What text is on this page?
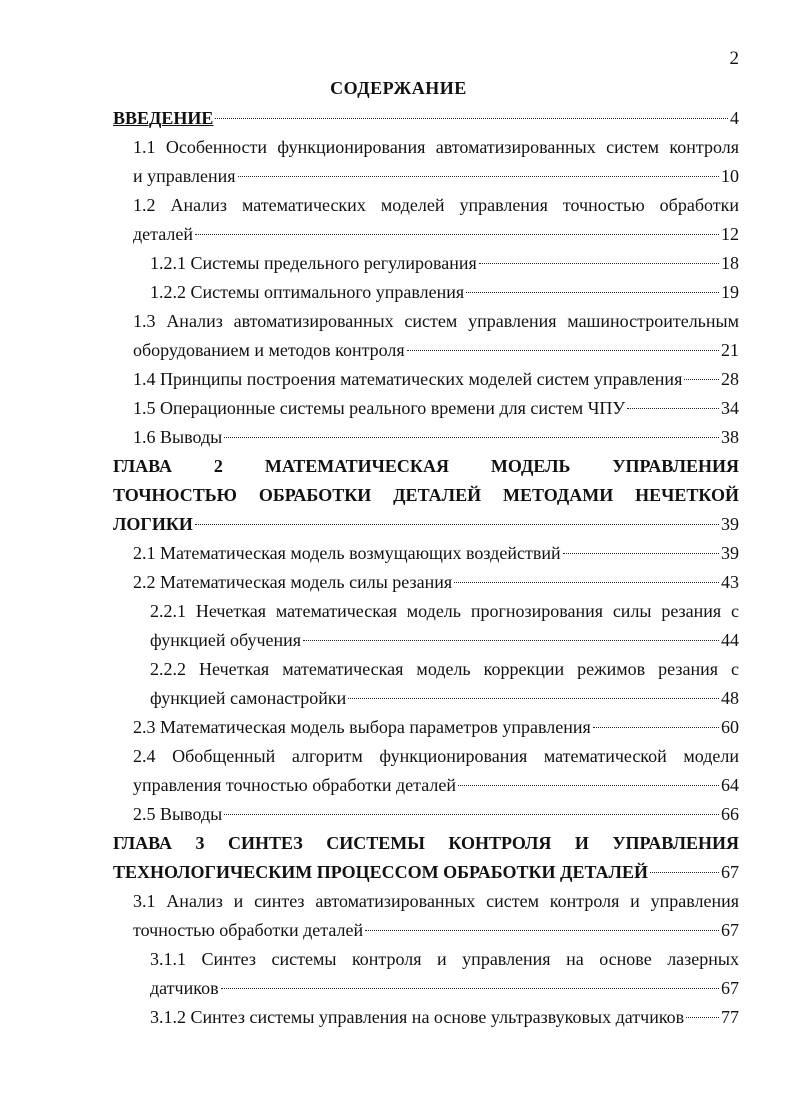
2
СОДЕРЖАНИЕ
ВВЕДЕНИЕ	4
1.1 Особенности функционирования автоматизированных систем контроля
и управления	10
1.2 Анализ математических моделей управления точностью обработки
деталей	12
1.2.1 Системы предельного регулирования	18
1.2.2 Системы оптимального управления	19
1.3 Анализ автоматизированных систем управления машиностроительным
оборудованием и методов контроля	21
1.4 Принципы построения математических моделей систем управления 28
1.5 Операционные системы реального времени для систем ЧПУ	34
1.6 Выводы	38
ГЛАВА 2 МАТЕМАТИЧЕСКАЯ МОДЕЛЬ УПРАВЛЕНИЯ
ТОЧНОСТЬЮ ОБРАБОТКИ ДЕТАЛЕЙ МЕТОДАМИ НЕЧЕТКОЙ
ЛОГИКИ	39
2.1 Математическая модель возмущающих воздействий	39
2.2 Математическая модель силы резания	43
2.2.1 Нечеткая математическая модель прогнозирования силы резания с
функцией обучения	44
2.2.2 Нечеткая математическая модель коррекции режимов резания с
функцией самонастройки	48
2.3 Математическая модель выбора параметров управления	60
2.4 Обобщенный алгоритм функционирования математической модели
управления точностью обработки деталей	64
2.5 Выводы	66
ГЛАВА 3 СИНТЕЗ СИСТЕМЫ КОНТРОЛЯ И УПРАВЛЕНИЯ
ТЕХНОЛОГИЧЕСКИМ ПРОЦЕССОМ ОБРАБОТКИ ДЕТАЛЕЙ	67
3.1 Анализ и синтез автоматизированных систем контроля и управления
точностью обработки деталей	67
3.1.1 Синтез системы контроля и управления на основе лазерных
датчиков	67
3.1.2 Синтез системы управления на основе ультразвуковых датчиков 77
